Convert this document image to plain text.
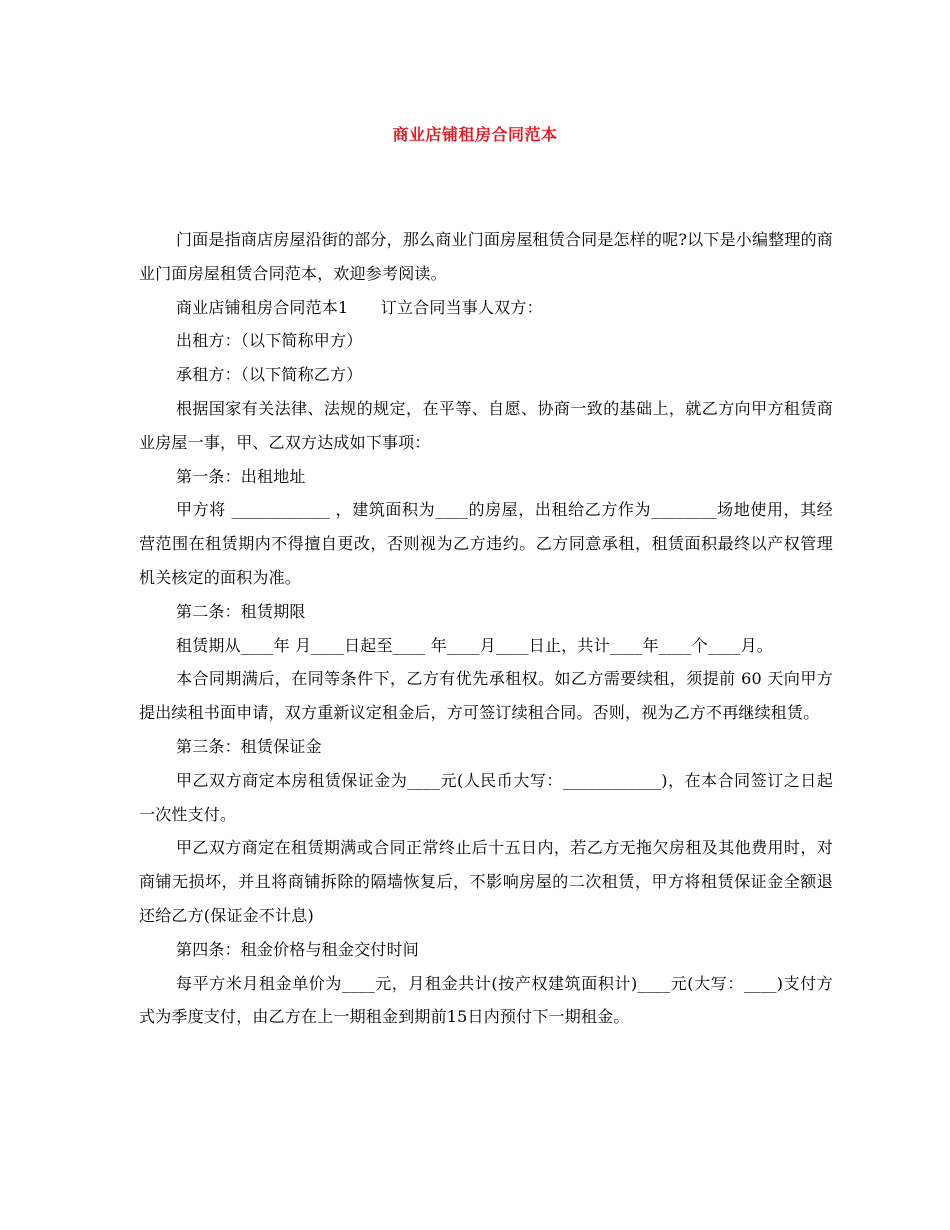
商业店铺租房合同范本

门面是指商店房屋沿街的部分，那么商业门面房屋租赁合同是怎样的呢?以下是小编整理的商业门面房屋租赁合同范本，欢迎参考阅读。

商业店铺租房合同范本1　　订立合同当事人双方：

出租方：（以下简称甲方）

承租方：（以下简称乙方）

根据国家有关法律、法规的规定，在平等、自愿、协商一致的基础上，就乙方向甲方租赁商业房屋一事，甲、乙双方达成如下事项：

第一条：出租地址

甲方将 ____________ ，建筑面积为____的房屋，出租给乙方作为________场地使用，其经营范围在租赁期内不得擅自更改，否则视为乙方违约。乙方同意承租，租赁面积最终以产权管理机关核定的面积为准。

第二条：租赁期限

租赁期从____年 月____日起至____ 年____月____日止，共计____年____个____月。

本合同期满后，在同等条件下，乙方有优先承租权。如乙方需要续租，须提前 60 天向甲方提出续租书面申请，双方重新议定租金后，方可签订续租合同。否则，视为乙方不再继续租赁。

第三条：租赁保证金

甲乙双方商定本房租赁保证金为____元(人民币大写：____________)，在本合同签订之日起一次性支付。

甲乙双方商定在租赁期满或合同正常终止后十五日内，若乙方无拖欠房租及其他费用时，对商铺无损坏，并且将商铺拆除的隔墙恢复后，不影响房屋的二次租赁，甲方将租赁保证金全额退还给乙方(保证金不计息)

第四条：租金价格与租金交付时间

每平方米月租金单价为____元，月租金共计(按产权建筑面积计)____元(大写：____)支付方式为季度支付，由乙方在上一期租金到期前15日内预付下一期租金。
